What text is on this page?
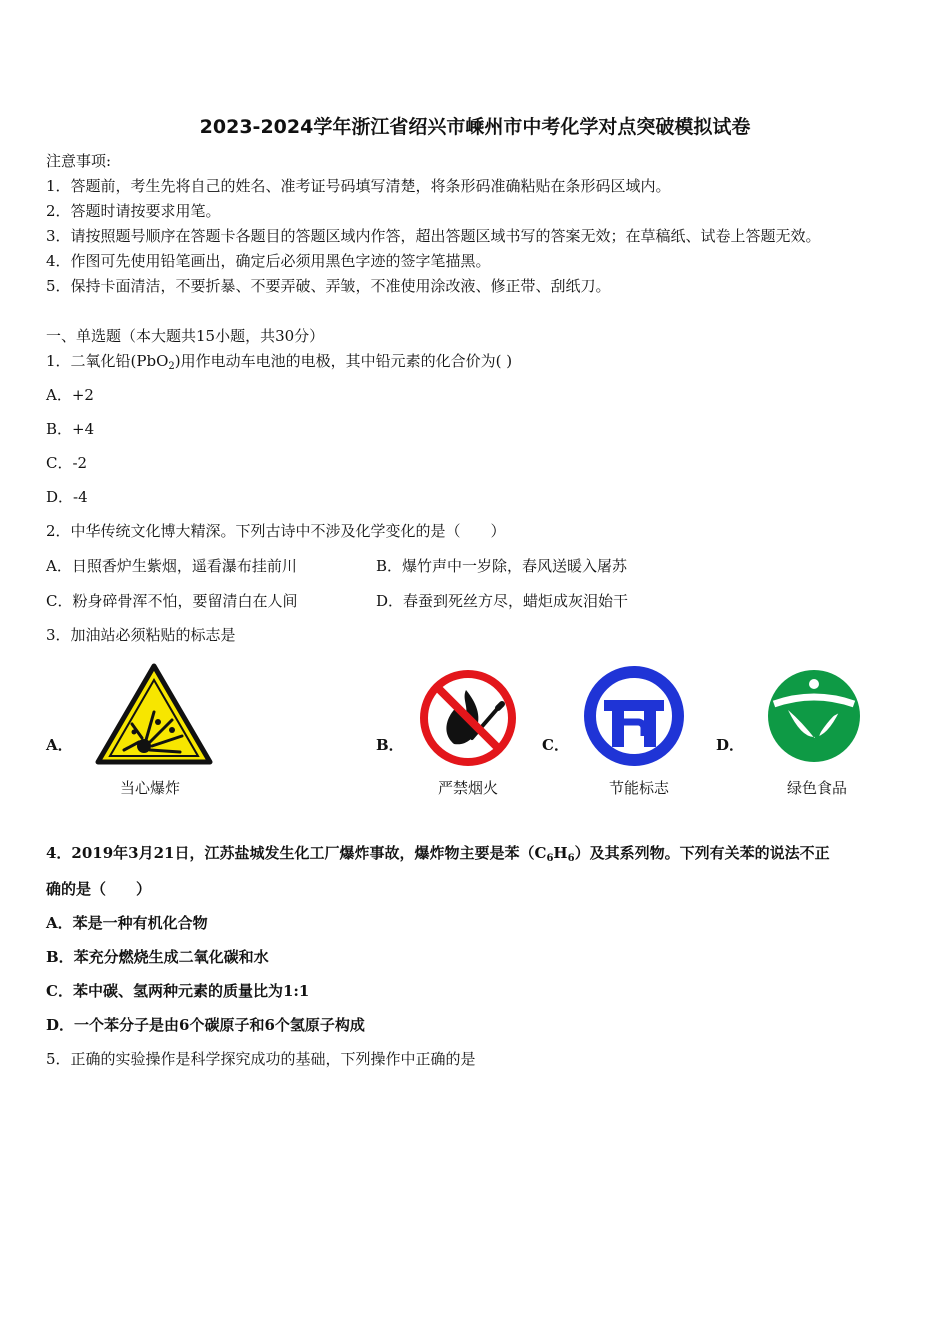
2023-2024学年浙江省绍兴市嵊州市中考化学对点突破模拟试卷
注意事项:
1．答题前，考生先将自己的姓名、准考证号码填写清楚，将条形码准确粘贴在条形码区域内。
2．答题时请按要求用笔。
3．请按照题号顺序在答题卡各题目的答题区域内作答，超出答题区域书写的答案无效；在草稿纸、试卷上答题无效。
4．作图可先使用铅笔画出，确定后必须用黑色字迹的签字笔描黑。
5．保持卡面清洁，不要折暴、不要弄破、弄皱，不准使用涂改液、修正带、刮纸刀。
一、单选题（本大题共15小题，共30分）
1．二氧化铅(PbO$_2$)用作电动车电池的电极，其中铅元素的化合价为( )
A．+2
B．+4
C．-2
D．-4
2．中华传统文化博大精深。下列古诗中不涉及化学变化的是（　　）
A．日照香炉生紫烟，遥看瀑布挂前川	B．爆竹声中一岁除，春风送暖入屠苏
C．粉身碎骨浑不怕，要留清白在人间	D．春蚕到死丝方尽，蜡炬成灰泪始干
3．加油站必须粘贴的标志是
A．	B．	C．	D．
当心爆炸	严禁烟火	节能标志	绿色食品
4．2019年3月21日，江苏盐城发生化工厂爆炸事故，爆炸物主要是苯$(C_6H_6)$及其系列物。下列有关苯的说法不正
确的是（　　）
A．苯是一种有机化合物
B．苯充分燃烧生成二氧化碳和水
C．苯中碳、氢两种元素的质量比为1:1
D．一个苯分子是由6个碳原子和6个氢原子构成
5．正确的实验操作是科学探究成功的基础，下列操作中正确的是
